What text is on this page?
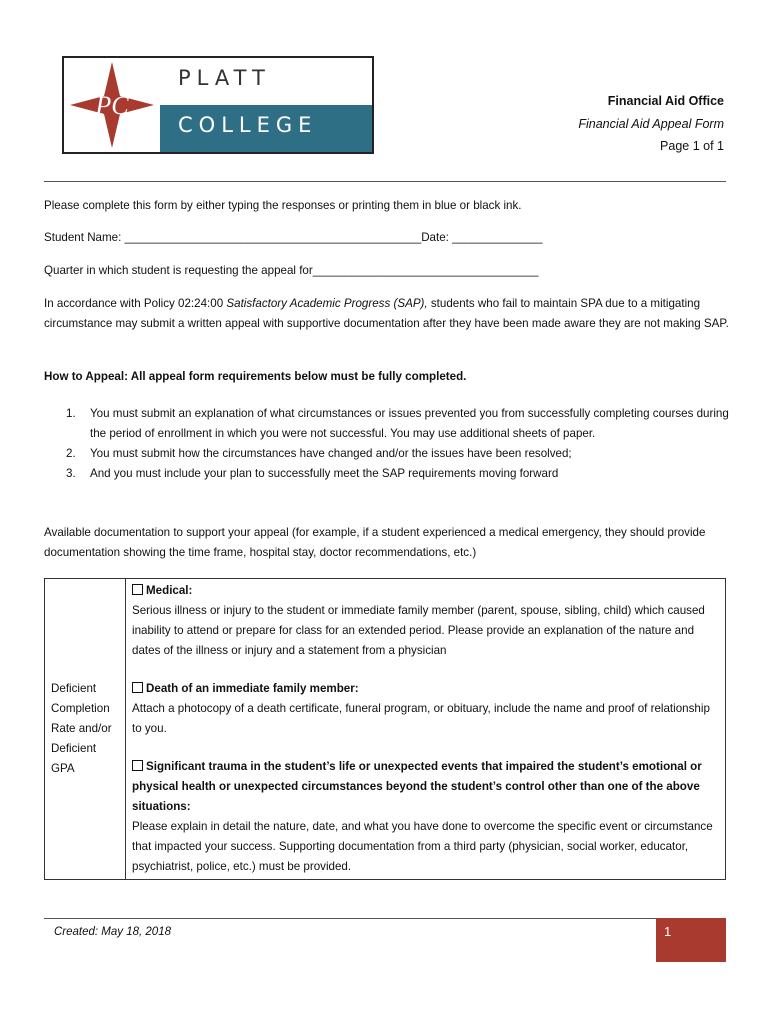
PC
PLATT
COLLEGE
Financial Aid Office
Financial Aid Appeal Form
Page 1 of 1
Please complete this form by either typing the responses or printing them in blue or black ink.
Student Name: ______________________________________________Date: ______________
Quarter in which student is requesting the appeal for___________________________________
In accordance with Policy 02:24:00 Satisfactory Academic Progress (SAP), students who fail to maintain SPA due to a mitigating circumstance may submit a written appeal with supportive documentation after they have been made aware they are not making SAP.
How to Appeal: All appeal form requirements below must be fully completed.
1. You must submit an explanation of what circumstances or issues prevented you from successfully completing courses during the period of enrollment in which you were not successful. You may use additional sheets of paper.
2. You must submit how the circumstances have changed and/or the issues have been resolved;
3. And you must include your plan to successfully meet the SAP requirements moving forward
Available documentation to support your appeal (for example, if a student experienced a medical emergency, they should provide documentation showing the time frame, hospital stay, doctor recommendations, etc.)
Deficient Completion Rate and/or Deficient GPA	
Medical:
Serious illness or injury to the student or immediate family member (parent, spouse, sibling, child) which caused inability to attend or prepare for class for an extended period. Please provide an explanation of the nature and dates of the illness or injury and a statement from a physician
Death of an immediate family member:
Attach a photocopy of a death certificate, funeral program, or obituary, include the name and proof of relationship to you.
Significant trauma in the student’s life or unexpected events that impaired the student’s emotional or physical health or unexpected circumstances beyond the student’s control other than one of the above situations:
Please explain in detail the nature, date, and what you have done to overcome the specific event or circumstance that impacted your success. Supporting documentation from a third party (physician, social worker, educator, psychiatrist, police, etc.) must be provided.
Created: May 18, 2018	1
